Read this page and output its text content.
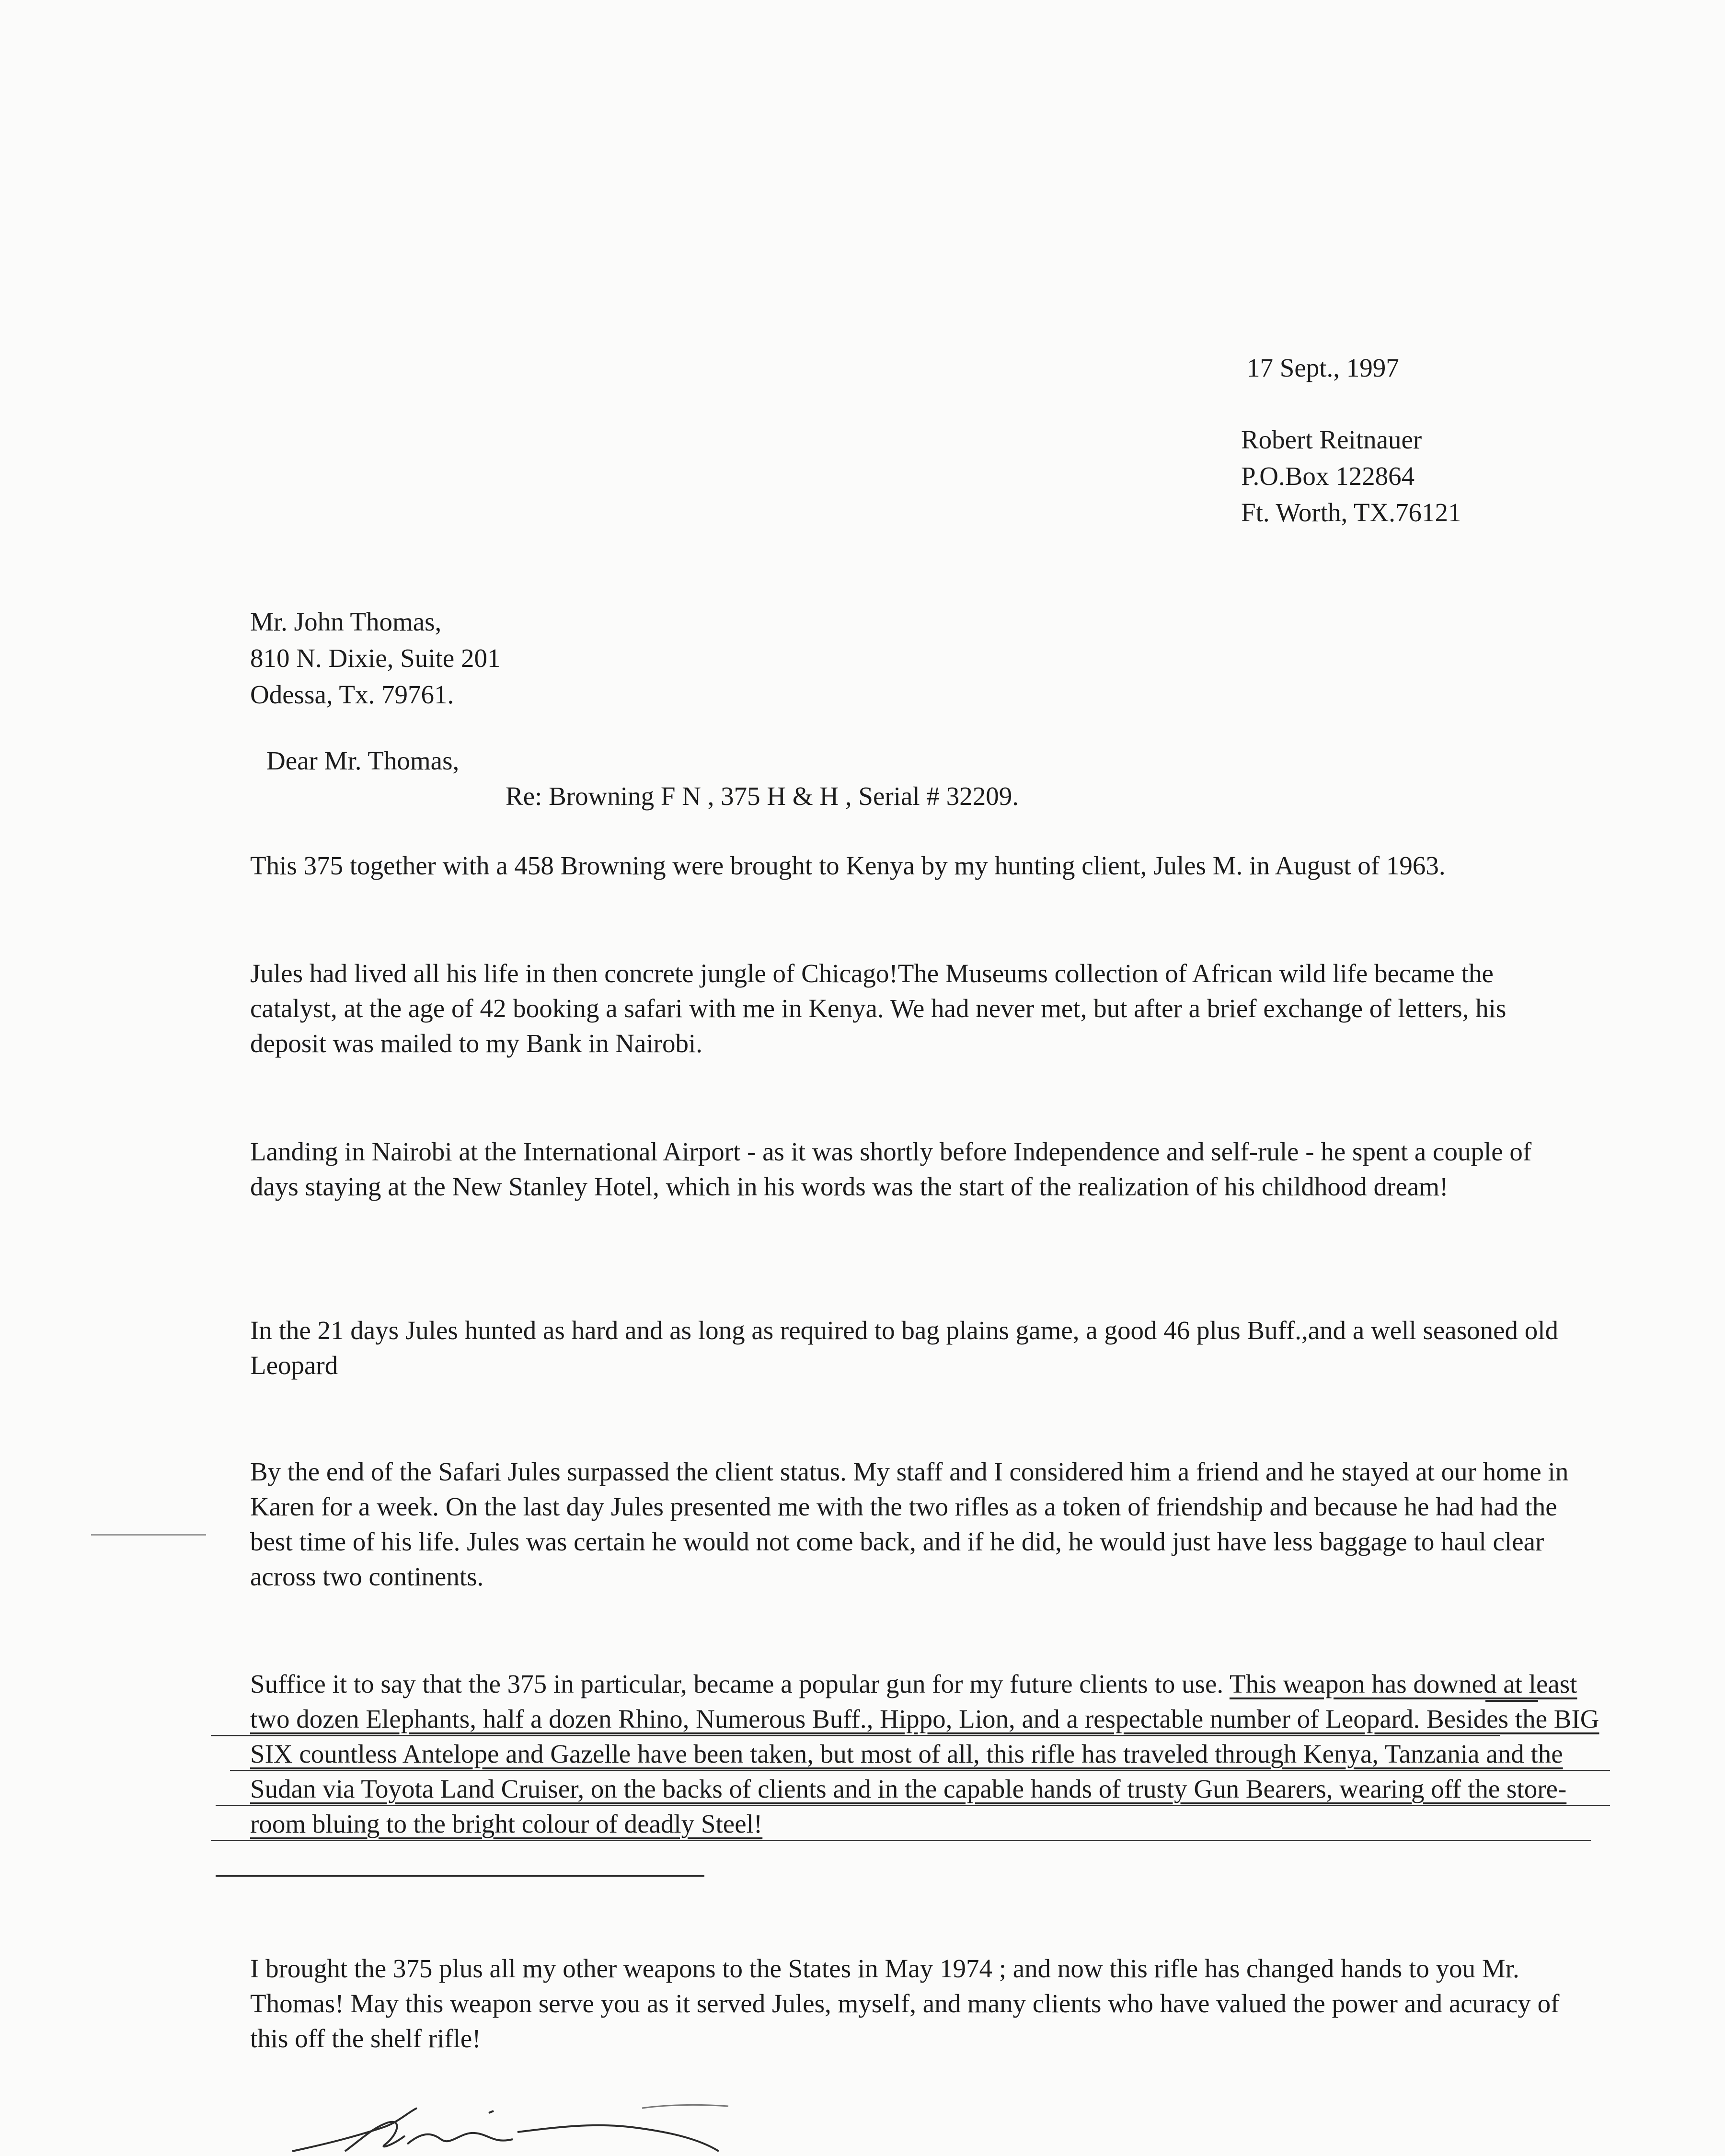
17 Sept., 1997
Robert Reitnauer
P.O.Box 122864
Ft. Worth, TX.76121
Mr. John Thomas,
810 N. Dixie, Suite 201
Odessa, Tx. 79761.
Dear Mr. Thomas,
Re: Browning F N , 375 H & H , Serial # 32209.

This 375 together with a 458 Browning were brought to Kenya by my hunting client, Jules M. in August of 1963.

Jules had lived all his life in then concrete jungle of Chicago!The Museums collection of African wild life became the catalyst, at the age of 42 booking a safari with me in Kenya. We had never met, but after a brief exchange of letters, his deposit was mailed to my Bank in Nairobi.

Landing in Nairobi at the International Airport - as it was shortly before Independence and self-rule - he spent a couple of days staying at the New Stanley Hotel, which in his words was the start of the realization of his childhood dream!

In the 21 days Jules hunted as hard and as long as required to bag plains game, a good 46 plus Buff.,and a well seasoned old Leopard

By the end of the Safari Jules surpassed the client status. My staff and I considered him a friend and he stayed at our home in Karen for a week. On the last day Jules presented me with the two rifles as a token of friendship and because he had had the best time of his life. Jules was certain he would not come back, and if he did, he would just have less baggage to haul clear across two continents.

Suffice it to say that the 375 in particular, became a popular gun for my future clients to use. This weapon has downed at least two dozen Elephants, half a dozen Rhino, Numerous Buff., Hippo, Lion, and a respectable number of Leopard. Besides the BIG SIX countless Antelope and Gazelle have been taken, but most of all, this rifle has traveled through Kenya, Tanzania and the Sudan via Toyota Land Cruiser, on the backs of clients and in the capable hands of trusty Gun Bearers, wearing off the store-room bluing to the bright colour of deadly Steel!

I brought the 375 plus all my other weapons to the States in May 1974 ; and now this rifle has changed hands to you Mr. Thomas! May this weapon serve you as it served Jules, myself, and many clients who have valued the power and acuracy of this off the shelf rifle!
